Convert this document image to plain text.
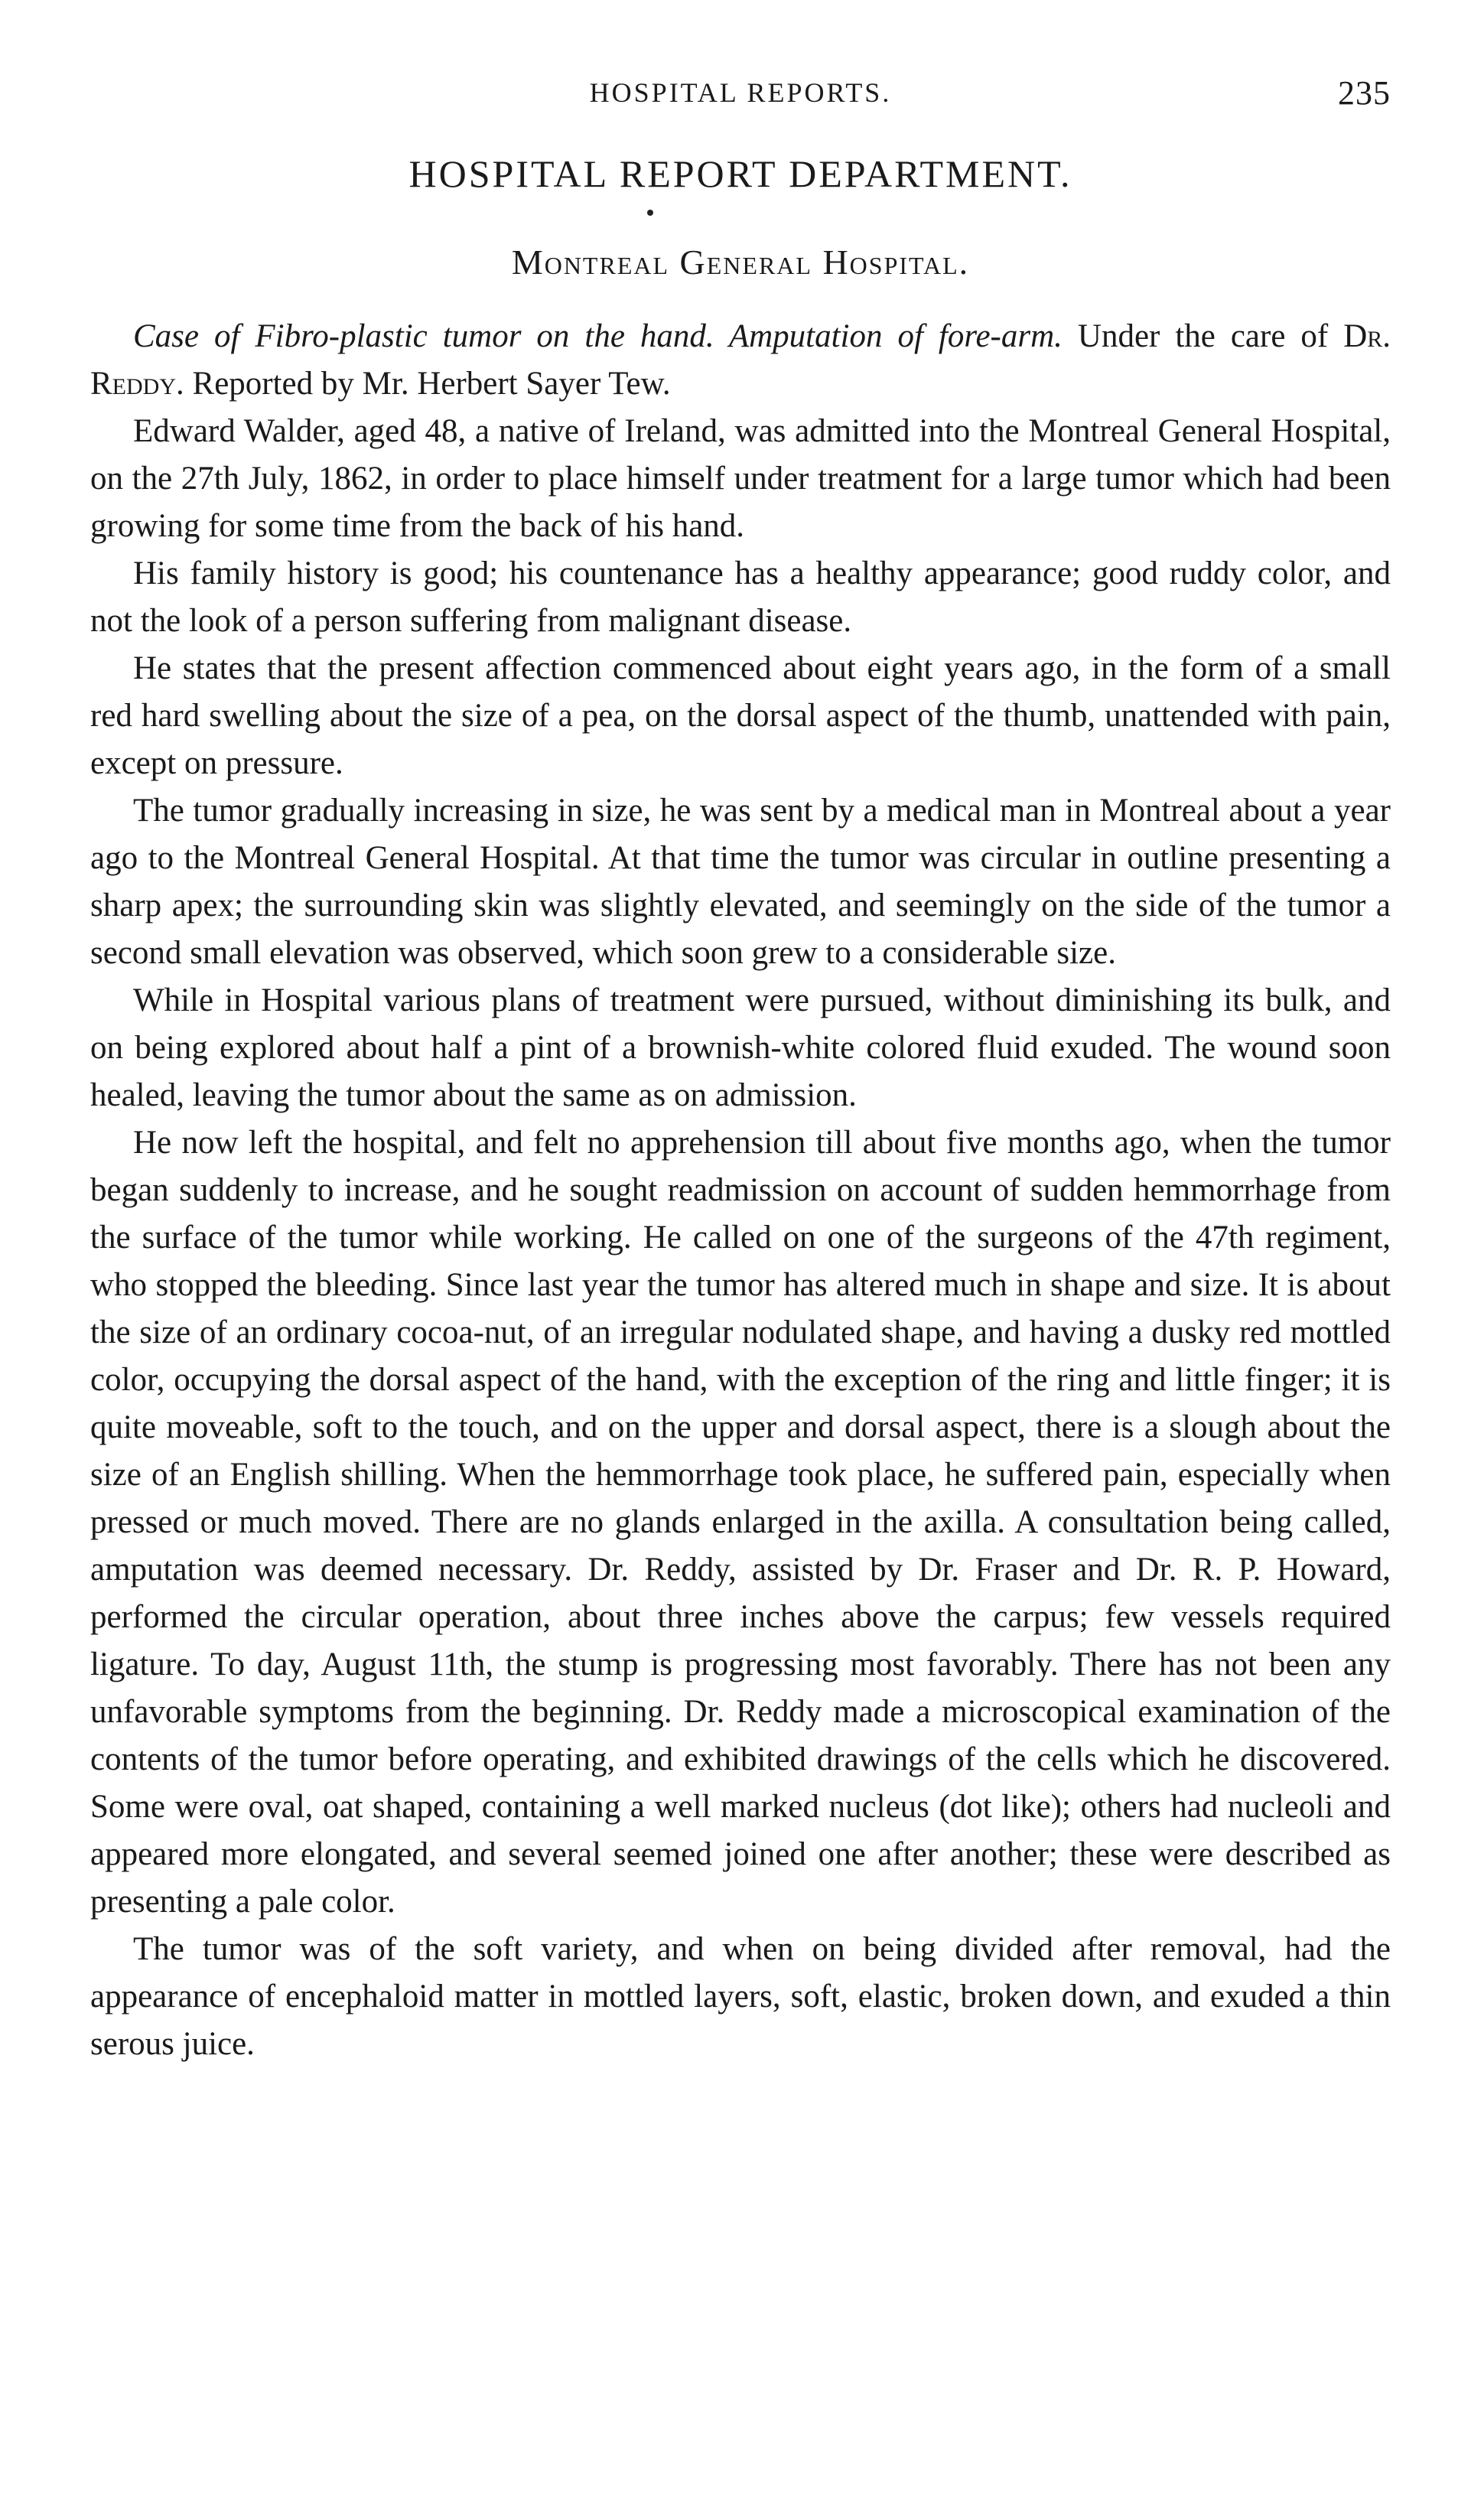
HOSPITAL REPORTS.	235
HOSPITAL REPORT DEPARTMENT.
Montreal General Hospital.

Case of Fibro-plastic tumor on the hand. Amputation of fore-arm. Under the care of Dr. Reddy. Reported by Mr. Herbert Sayer Tew.

Edward Walder, aged 48, a native of Ireland, was admitted into the Montreal General Hospital, on the 27th July, 1862, in order to place himself under treatment for a large tumor which had been growing for some time from the back of his hand.

His family history is good; his countenance has a healthy appearance; good ruddy color, and not the look of a person suffering from malignant disease.

He states that the present affection commenced about eight years ago, in the form of a small red hard swelling about the size of a pea, on the dorsal aspect of the thumb, unattended with pain, except on pressure.

The tumor gradually increasing in size, he was sent by a medical man in Montreal about a year ago to the Montreal General Hospital. At that time the tumor was circular in outline presenting a sharp apex; the surrounding skin was slightly elevated, and seemingly on the side of the tumor a second small elevation was observed, which soon grew to a considerable size.

While in Hospital various plans of treatment were pursued, without diminishing its bulk, and on being explored about half a pint of a brownish-white colored fluid exuded. The wound soon healed, leaving the tumor about the same as on admission.

He now left the hospital, and felt no apprehension till about five months ago, when the tumor began suddenly to increase, and he sought readmission on account of sudden hemmorrhage from the surface of the tumor while working. He called on one of the surgeons of the 47th regiment, who stopped the bleeding. Since last year the tumor has altered much in shape and size. It is about the size of an ordinary cocoa-nut, of an irregular nodulated shape, and having a dusky red mottled color, occupying the dorsal aspect of the hand, with the exception of the ring and little finger; it is quite moveable, soft to the touch, and on the upper and dorsal aspect, there is a slough about the size of an English shilling. When the hemmorrhage took place, he suffered pain, especially when pressed or much moved. There are no glands enlarged in the axilla. A consultation being called, amputation was deemed necessary. Dr. Reddy, assisted by Dr. Fraser and Dr. R. P. Howard, performed the circular operation, about three inches above the carpus; few vessels required ligature. To day, August 11th, the stump is progressing most favorably. There has not been any unfavorable symptoms from the beginning. Dr. Reddy made a microscopical examination of the contents of the tumor before operating, and exhibited drawings of the cells which he discovered. Some were oval, oat shaped, containing a well marked nucleus (dot like); others had nucleoli and appeared more elongated, and several seemed joined one after another; these were described as presenting a pale color.

The tumor was of the soft variety, and when on being divided after removal, had the appearance of encephaloid matter in mottled layers, soft, elastic, broken down, and exuded a thin serous juice.
